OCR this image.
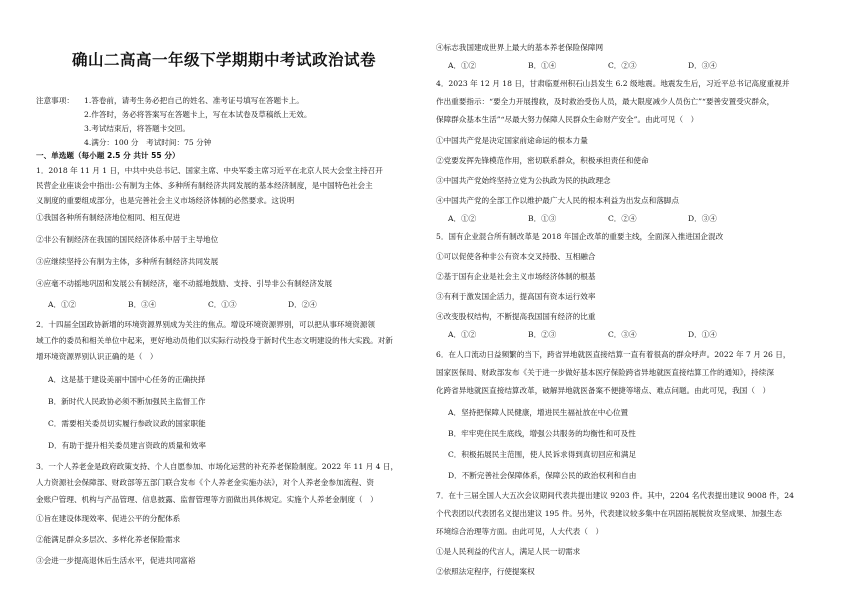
确山二高高一年级下学期期中考试政治试卷
注意事项： 1.答卷前，请考生务必把自己的姓名、准考证号填写在答题卡上。
2.作答时，务必将答案写在答题卡上，写在本试卷及草稿纸上无效。
3.考试结束后，将答题卡交回。
4.满分：100 分　考试时间：75 分钟
一、单选题（每小题 2.5 分 共计 55 分）
1．2018 年 11 月 1 日，中共中央总书记、国家主席、中央军委主席习近平在北京人民大会堂主持召开
民营企业座谈会中指出:公有制为主体、多种所有制经济共同发展的基本经济制度，是中国特色社会主
义制度的重要组成部分，也是完善社会主义市场经济体制的必然要求。这说明
①我国各种所有制经济地位相同、相互促进
②非公有制经济在我国的国民经济体系中居于主导地位
③应继续坚持公有制为主体，多种所有制经济共同发展
④应毫不动摇地巩固和发展公有制经济，毫不动摇地鼓励、支持、引导非公有制经济发展
A．①②	B．③④	C．①③	D．②④
2．十四届全国政协新增的环境资源界别成为关注的焦点。增设环境资源界别，可以把从事环境资源领
域工作的委员和相关单位中起来，更好地动员他们以实际行动投身于新时代生态文明建设的伟大实践。对新
增环境资源界别认识正确的是（　）
A．这是基于建设美丽中国中心任务的正确抉择
B．新时代人民政协必须不断加强民主监督工作
C．需要相关委员切实履行参政议政的国家职能
D．有助于提升相关委员建言资政的质量和效率
3．一个人养老金是政府政策支持、个人自愿参加、市场化运营的补充养老保险制度。2022 年 11 月 4 日，
人力资源社会保障部、财政部等五部门联合发布《个人养老金实施办法》，对个人养老金参加流程、资
金账户管理、机构与产品管理、信息披露、监督管理等方面做出具体规定。实施个人养老金制度（　）
①旨在建设体现效率、促进公平的分配体系
②能满足群众多层次、多样化养老保险需求
③会进一步提高退休后生活水平，促进共同富裕
④标志我国建成世界上最大的基本养老保险保障网
A．①②	B．①④	C．②③	D．③④
4．2023 年 12 月 18 日，甘肃临夏州积石山县发生 6.2 级地震。地震发生后，习近平总书记高度重视并
作出重要指示：“要全力开展搜救，及时救治受伤人员，最大限度减少人员伤亡”“要善安置受灾群众，
保障群众基本生活”“尽最大努力保障人民群众生命财产安全”。由此可见（　）
①中国共产党是决定国家前途命运的根本力量
②党要发挥先锋模范作用，密切联系群众，积极承担责任和使命
③中国共产党始终坚持立党为公执政为民的执政理念
④中国共产党的全部工作以维护最广大人民的根本利益为出发点和落脚点
A．①②	B．①③	C．②④	D．③④
5．国有企业混合所有制改革是 2018 年国企改革的重要主线，全面深入推进国企混改
①可以促使各种非公有资本交叉持股、互相融合
②基于国有企业是社会主义市场经济体制的根基
③有利于激发国企活力，提高国有资本运行效率
④改变股权结构，不断提高我国国有经济的比重
A．①②	B．②③	C．③④	D．①④
6．在人口流动日益频繁的当下，跨省异地就医直接结算一直有着很高的群众呼声。2022 年 7 月 26 日，
国家医保局、财政部发布《关于进一步做好基本医疗保险跨省异地就医直接结算工作的通知》，持续深
化跨省异地就医直接结算改革，破解异地就医备案不便捷等堵点、难点问题。由此可见，我国（　）
A．坚持把保障人民健康，增进民生福祉放在中心位置
B．牢牢兜住民生底线，增强公共服务的均衡性和可及性
C．积极拓展民主范围，使人民诉求得到真切回应和满足
D．不断完善社会保障体系，保障公民的政治权利和自由
7．在十三届全国人大五次会议期间代表共提出建议 9203 件。其中，2204 名代表提出建议 9008 件，24
个代表团以代表团名义提出建议 195 件。另外，代表建议较多集中在巩固拓展脱贫攻坚成果、加强生态
环境综合治理等方面。由此可见，人大代表（　）
①是人民利益的代言人，满足人民一切需求
②依照法定程序，行使提案权
